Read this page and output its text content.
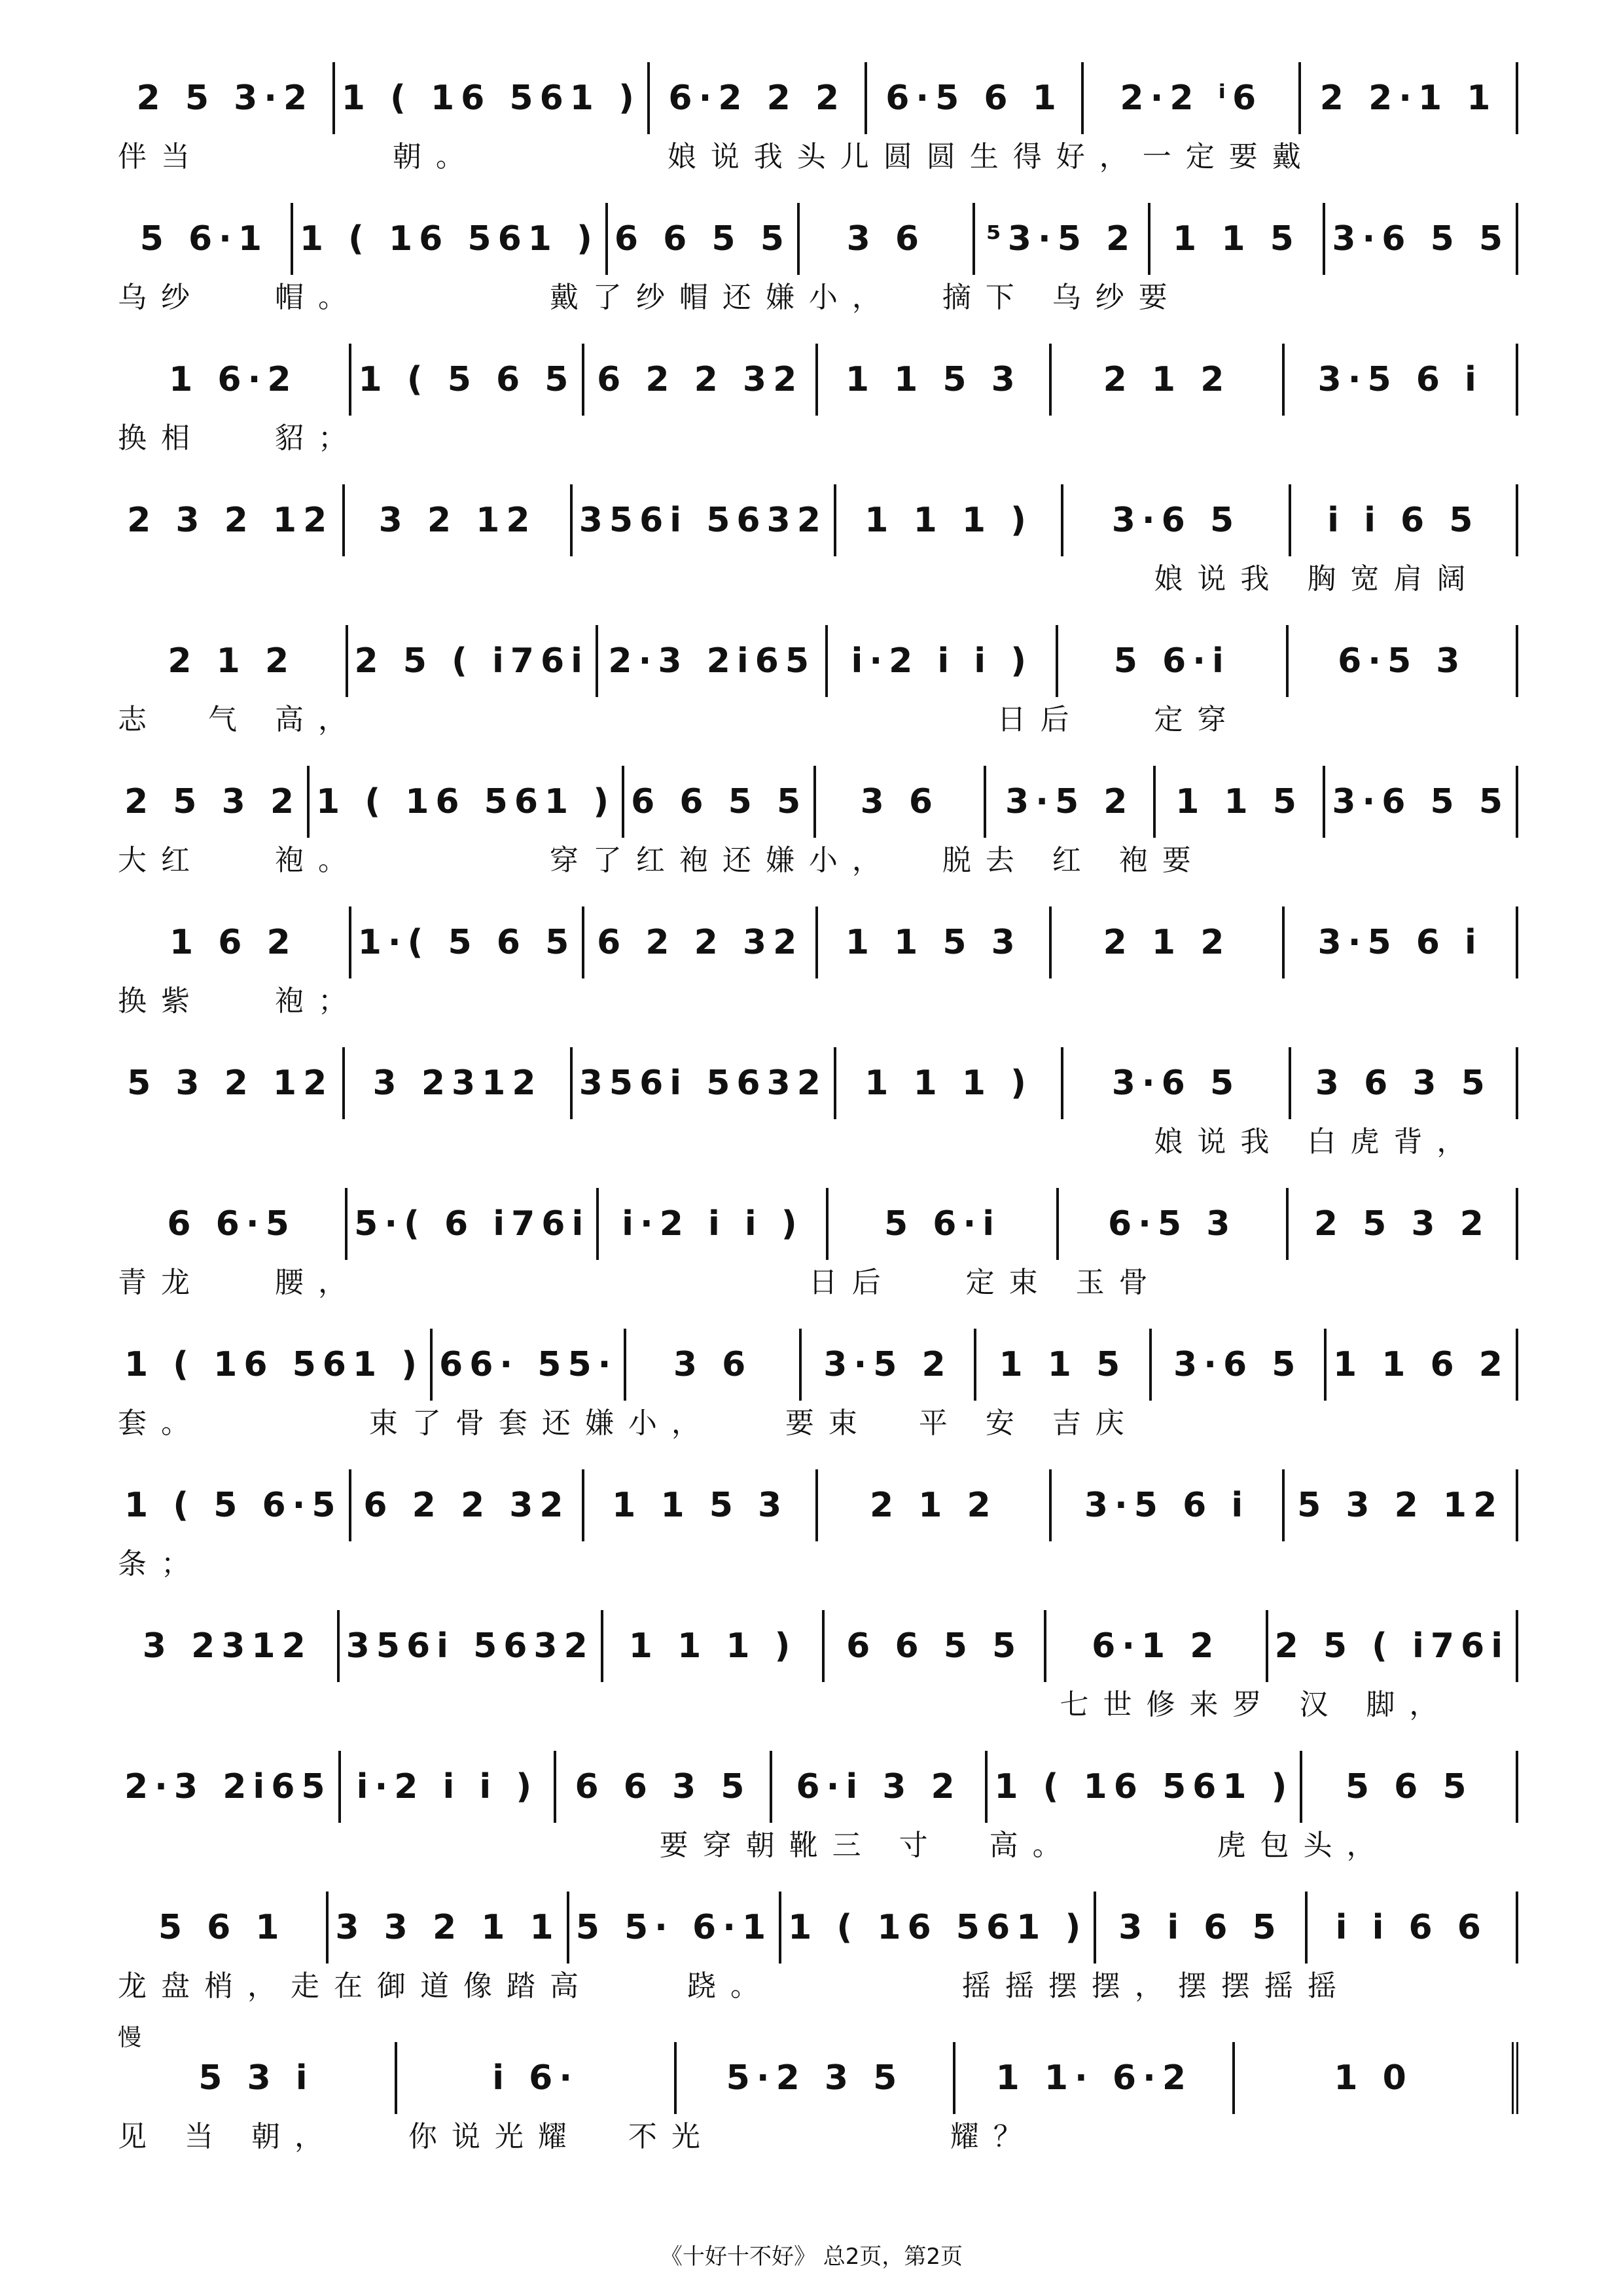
2 5 3·2 1 ( 16 561 ) 6·2 2 2	6·5 6 1	2·2 ⁱ6	2 2·1 1
伴当        朝。        娘说我头儿圆圆生得好，一定要戴
5 6·1 1 ( 16 561 ) 6 6 5 5	3 6	⁵3·5 2	1 1 5 3·6 5 5
乌纱   帽。        戴了纱帽还嫌小，  摘下 乌纱要
1 6·2	1 ( 5 6 5 6 2 2 32	1 1 5 3	2 1 2	3·5 6 i
换相   貂；
2 3 2 12	3 2 12	356i 5632	1 1 1 )	3·6 5	i i 6 5
娘说我 胸宽肩阔
2 1 2	2 5 ( i76i 2·3 2i65	i·2 i i )	5 6·i	6·5 3
志  气 高，                           日后   定穿
2 5 3 2 1 ( 16 561 ) 6 6 5 5	3 6	3·5 2	1 1 5 3·6 5 5
大红   袍。        穿了红袍还嫌小，  脱去 红 袍要
1 6 2	1·( 5 6 5 6 2 2 32	1 1 5 3	2 1 2	3·5 6 i
换紫   袍；
5 3 2 12	3 2312	356i 5632	1 1 1 )	3·6 5	3 6 3 5
娘说我 白虎背，
6 6·5	5·( 6 i76i i·2 i i )	5 6·i	6·5 3	2 5 3 2
青龙   腰，                   日后   定束 玉骨
1 ( 16 561 ) 66· 55·	3 6	3·5 2	1 1 5	3·6 5 1 1 6 2
套。       束了骨套还嫌小，   要束  平 安 吉庆
1 ( 5 6·5 6 2 2 32	1 1 5 3	2 1 2	3·5 6 i	5 3 2 12
条；
3 2312 356i 5632	1 1 1 )	6 6 5 5	6·1 2	2 5 ( i76i
七世修来罗 汉 脚，
2·3 2i65 i·2 i i )	6 6 3 5	6·i 3 2 1 ( 16 561 )	5 6 5
要穿朝靴三 寸  高。      虎包头，
5 6 1	3 3 2 1 1 5 5· 6·1 1 ( 16 561 ) 3 i 6 5	i i 6 6
龙盘梢，走在御道像踏高    跷。        摇摇摆摆，摆摆摇摇
5 3 i	i 6·	5·2 3 5	1 1· 6·2	1 0
见 当 朝，   你说光耀  不光          耀？
慢
《十好十不好》 总2页，第2页
